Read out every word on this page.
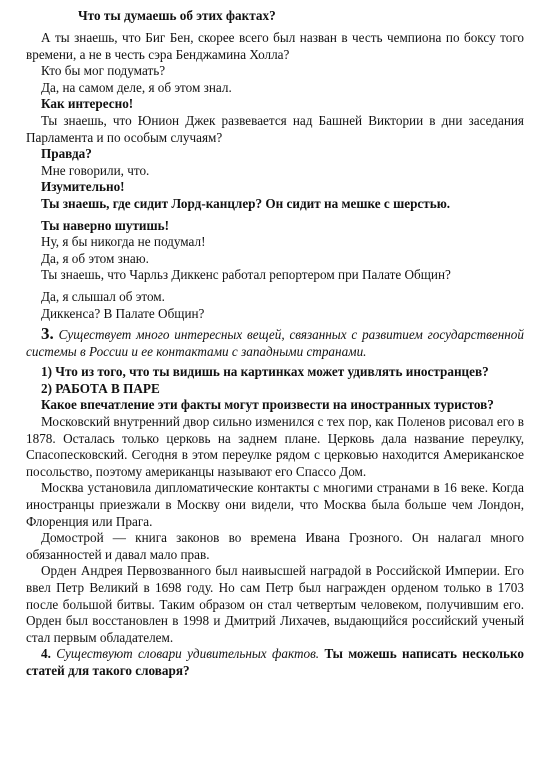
Что ты думаешь об этих фактах?

А ты знаешь, что Биг Бен, скорее всего был назван в честь чемпиона по боксу того времени, а не в честь сэра Бенджамина Холла?

Кто бы мог подумать?

Да, на самом деле, я об этом знал.

Как интересно!

Ты знаешь, что Юнион Джек развевается над Башней Виктории в дни заседания Парламента и по особым случаям?

Правда?

Мне говорили, что.

Изумительно!

Ты знаешь, где сидит Лорд-канцлер? Он сидит на мешке с шерстью.

Ты наверно шутишь!

Ну, я бы никогда не подумал!

Да, я об этом знаю.

Ты знаешь, что Чарльз Диккенс работал репортером при Палате Общин?

Да, я слышал об этом.

Диккенса? В Палате Общин?

3. Существует много интересных вещей, связанных с развитием государственной системы в России и ее контактами с западными странами.

1) Что из того, что ты видишь на картинках может удивлять иностранцев?

2) РАБОТА В ПАРЕ

Какое впечатление эти факты могут произвести на иностранных туристов?

Московский внутренний двор сильно изменился с тех пор, как Поленов рисовал его в 1878. Осталась только церковь на заднем плане. Церковь дала название переулку, Спасопесковский. Сегодня в этом переулке рядом с церковью находится Американское посольство, поэтому американцы называют его Спассо Дом.

Москва установила дипломатические контакты с многими странами в 16 веке. Когда иностранцы приезжали в Москву они видели, что Москва была больше чем Лондон, Флоренция или Прага.

Домострой — книга законов во времена Ивана Грозного. Он налагал много обязанностей и давал мало прав.

Орден Андрея Первозванного был наивысшей наградой в Российской Империи. Его ввел Петр Великий в 1698 году. Но сам Петр был награжден орденом только в 1703 после большой битвы. Таким образом он стал четвертым человеком, получившим его. Орден был восстановлен в 1998 и Дмитрий Лихачев, выдающийся российский ученый стал первым обладателем.

4. Существуют словари удивительных фактов. Ты можешь написать несколько статей для такого словаря?
